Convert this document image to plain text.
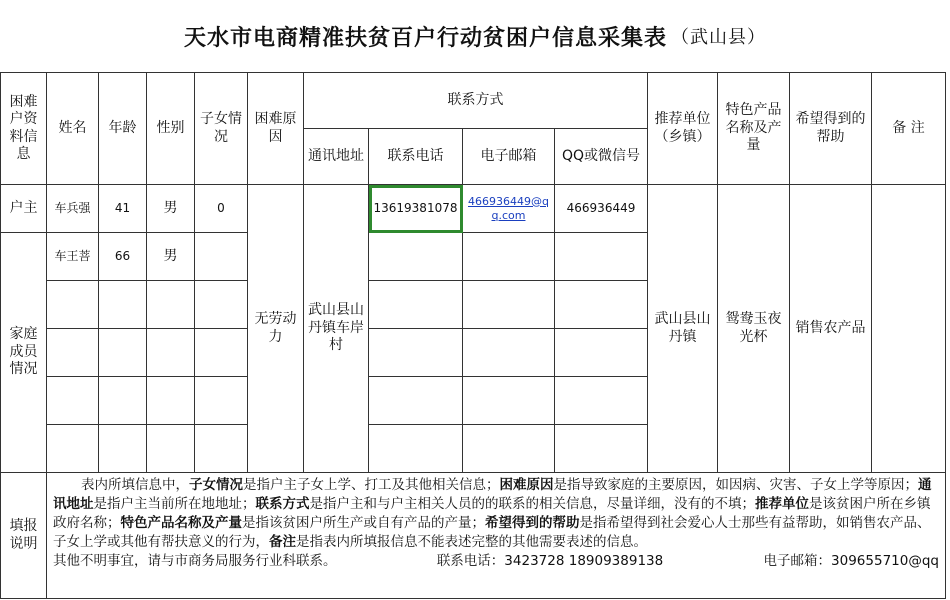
天水市电商精准扶贫百户行动贫困户信息采集表 （武山县）
困难户资料信息	姓名	年龄	性别	子女情况	困难原因	联系方式				推荐单位（乡镇）	特色产品名称及产量	希望得到的帮助	备 注
						通讯地址	联系电话	电子邮箱	QQ或微信号				
户主	车兵强	41	男	0	无劳动力	武山县山丹镇车岸村	13619381078	466936449@qq.com	466936449	武山县山丹镇	鸳鸯玉夜光杯	销售农产品	
家庭成员情况	车王菩	66	男										

填报说明	表内所填信息中，子女情况是指户主子女上学、打工及其他相关信息；困难原因是指导致家庭的主要原因，如因病、灾害、子女上学等原因；通讯地址是指户主当前所在地地址；联系方式是指户主和与户主相关人员的的联系的相关信息，尽量详细，没有的不填；推荐单位是该贫困户所在乡镇政府名称；特色产品名称及产量是指该贫困户所生产或自有产品的产量；希望得到的帮助是指希望得到社会爱心人士那些有益帮助，如销售农产品、子女上学或其他有帮扶意义的行为，备注是指表内所填报信息不能表述完整的其他需要表述的信息。

其他不明事宜，请与市商务局服务行业科联系。 联系电话：3423728 18909389138 电子邮箱：309655710@qq												
